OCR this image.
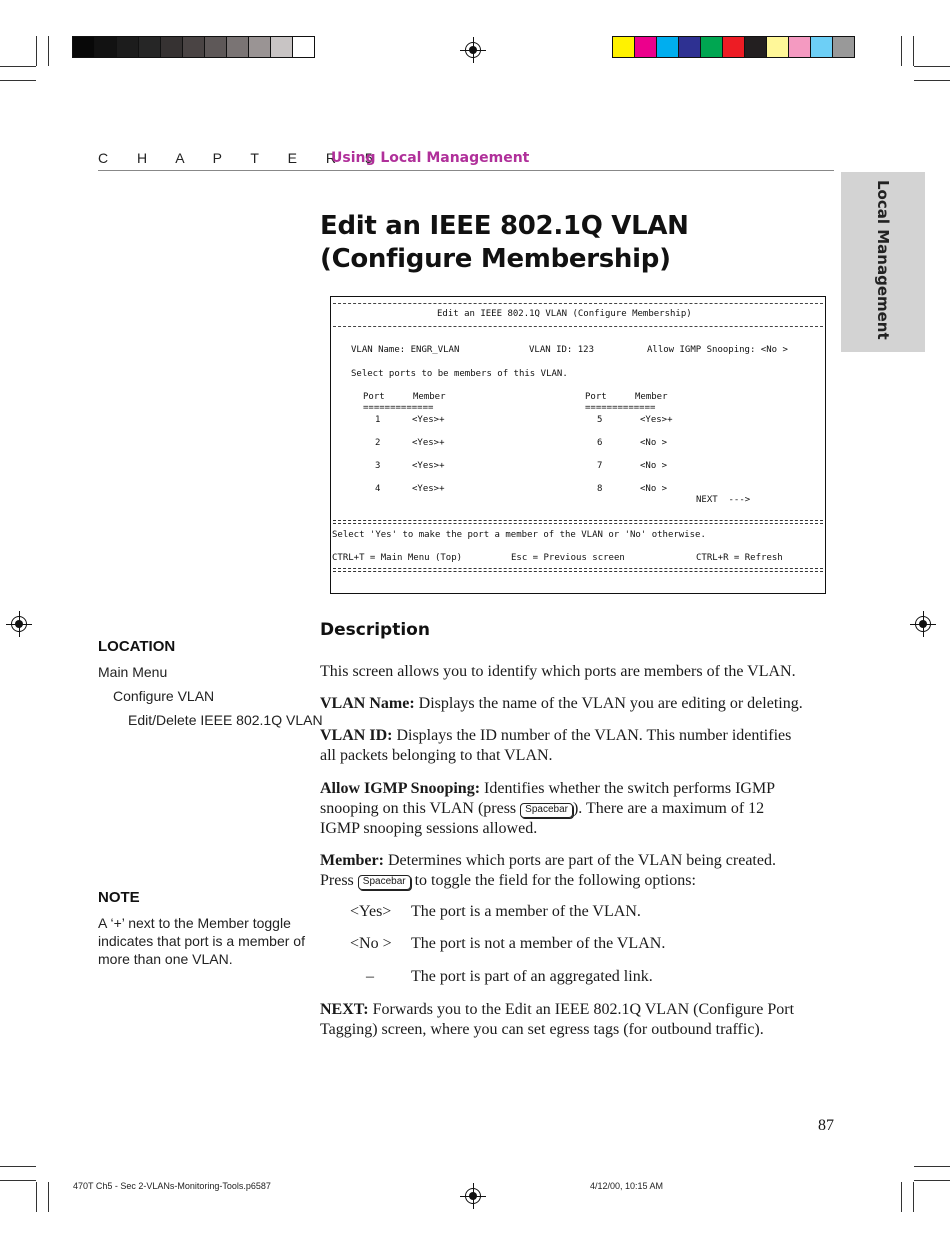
C H A P T E R 5
Using Local Management
Local Management
Edit an IEEE 802.1Q VLAN (Configure Membership)
Edit an IEEE 802.1Q VLAN (Configure Membership)
VLAN Name: ENGR_VLAN	VLAN ID: 123	Allow IGMP Snooping: <No >
Select ports to be members of this VLAN.
Port	Member
=============
Port	Member
=============
1	<Yes>+
2	<Yes>+
3	<Yes>+
4	<Yes>+
5	<Yes>+
6	<No >
7	<No >
8	<No >
NEXT  --->
Select 'Yes' to make the port a member of the VLAN or 'No' otherwise.
CTRL+T = Main Menu (Top)	Esc = Previous screen	CTRL+R = Refresh
LOCATION
Main Menu
Configure VLAN
Edit/Delete IEEE 802.1Q VLAN
NOTE
A ‘+’ next to the Member toggle
indicates that port is a member of
more than one VLAN.
Description
This screen allows you to identify which ports are members of the VLAN.
VLAN Name: Displays the name of the VLAN you are editing or deleting.
VLAN ID: Displays the ID number of the VLAN. This number identifies
all packets belonging to that VLAN.
Allow IGMP Snooping: Identifies whether the switch performs IGMP
snooping on this VLAN (press Spacebar ). There are a maximum of 12
IGMP snooping sessions allowed.
Member: Determines which ports are part of the VLAN being created.
Press Spacebar to toggle the field for the following options:
<Yes> The port is a member of the VLAN.
<No > The port is not a member of the VLAN.
– The port is part of an aggregated link.
NEXT: Forwards you to the Edit an IEEE 802.1Q VLAN (Configure Port
Tagging) screen, where you can set egress tags (for outbound traffic).
87
470T Ch5 - Sec 2-VLANs-Monitoring-Tools.p6587	4/12/00, 10:15 AM
